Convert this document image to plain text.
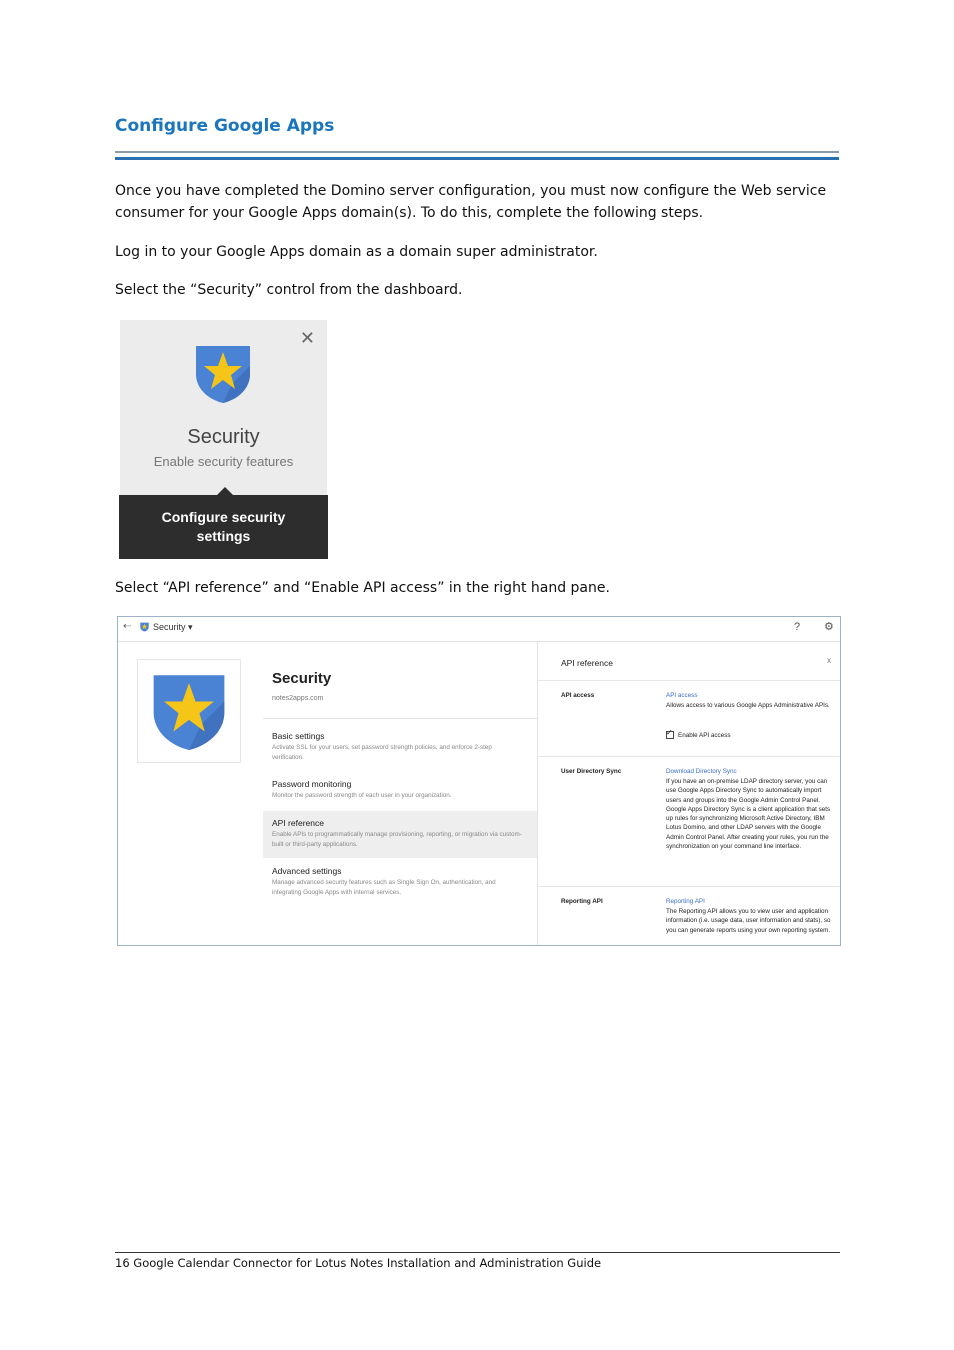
Configure Google Apps
Once you have completed the Domino server configuration, you must now configure the Web service consumer for your Google Apps domain(s). To do this, complete the following steps.
Log in to your Google Apps domain as a domain super administrator.
Select the “Security” control from the dashboard.
✕
Security
Enable security features
Configure security
settings
Select “API reference” and “Enable API access” in the right hand pane.
⇠ Security ▾	? ⚙
Security
notes2apps.com
Basic settings
Activate SSL for your users, set password strength policies, and enforce 2-step verification.
Password monitoring
Monitor the password strength of each user in your organization.
API reference
Enable APIs to programmatically manage provisioning, reporting, or migration via custom-built or third-party applications.
Advanced settings
Manage advanced security features such as Single Sign On, authentication, and integrating Google Apps with internal services.
API reference	x
API access	API access
Allows access to various Google Apps Administrative APIs.
✓
Enable API access
User Directory Sync	Download Directory Sync
If you have an on-premise LDAP directory server, you can use Google Apps Directory Sync to automatically import users and groups into the Google Admin Control Panel. Google Apps Directory Sync is a client application that sets up rules for synchronizing Microsoft Active Directory, IBM Lotus Domino, and other LDAP servers with the Google Admin Control Panel. After creating your rules, you run the synchronization on your command line interface.
Reporting API	Reporting API
The Reporting API allows you to view user and application information (i.e. usage data, user information and stats), so you can generate reports using your own reporting system.
16 Google Calendar Connector for Lotus Notes Installation and Administration Guide
